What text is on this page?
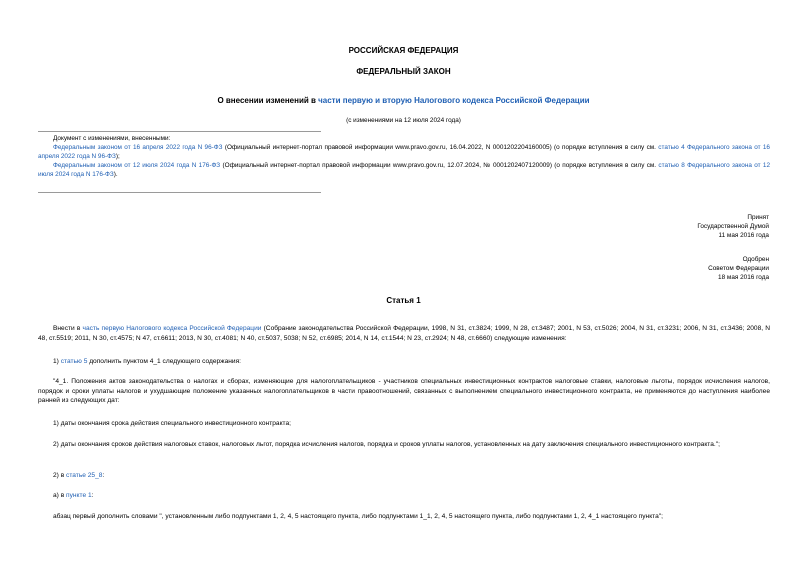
РОССИЙСКАЯ ФЕДЕРАЦИЯ
ФЕДЕРАЛЬНЫЙ ЗАКОН
О внесении изменений в части первую и вторую Налогового кодекса Российской Федерации
(с изменениями на 12 июля 2024 года)

Документ с изменениями, внесенными:

Федеральным законом от 16 апреля 2022 года N 96-ФЗ (Официальный интернет-портал правовой информации www.pravo.gov.ru, 16.04.2022, N 0001202204160005) (о порядке вступления в силу см. статью 4 Федерального закона от 16 апреля 2022 года N 96-ФЗ);

Федеральным законом от 12 июля 2024 года N 176-ФЗ (Официальный интернет-портал правовой информации www.pravo.gov.ru, 12.07.2024, № 0001202407120009) (о порядке вступления в силу см. статью 8 Федерального закона от 12 июля 2024 года N 176-ФЗ).

Принят

Государственной Думой

11 мая 2016 года

Одобрен

Советом Федерации

18 мая 2016 года

Статья 1
Внести в часть первую Налогового кодекса Российской Федерации (Собрание законодательства Российской Федерации, 1998, N 31, ст.3824; 1999, N 28, ст.3487; 2001, N 53, ст.5026; 2004, N 31, ст.3231; 2006, N 31, ст.3436; 2008, N 48, ст.5519; 2011, N 30, ст.4575; N 47, ст.6611; 2013, N 30, ст.4081; N 40, ст.5037, 5038; N 52, ст.6985; 2014, N 14, ст.1544; N 23, ст.2924; N 48, ст.6660) следующие изменения:
1) статью 5 дополнить пунктом 4_1 следующего содержания:
"4_1. Положения актов законодательства о налогах и сборах, изменяющие для налогоплательщиков - участников специальных инвестиционных контрактов налоговые ставки, налоговые льготы, порядок исчисления налогов, порядок и сроки уплаты налогов и ухудшающие положение указанных налогоплательщиков в части правоотношений, связанных с выполнением специального инвестиционного контракта, не применяются до наступления наиболее ранней из следующих дат:
1) даты окончания срока действия специального инвестиционного контракта;
2) даты окончания сроков действия налоговых ставок, налоговых льгот, порядка исчисления налогов, порядка и сроков уплаты налогов, установленных на дату заключения специального инвестиционного контракта.";
2) в статье 25_8:
а) в пункте 1:
абзац первый дополнить словами ", установленным либо подпунктами 1, 2, 4, 5 настоящего пункта, либо подпунктами 1_1, 2, 4, 5 настоящего пункта, либо подпунктами 1, 2, 4_1 настоящего пункта";
